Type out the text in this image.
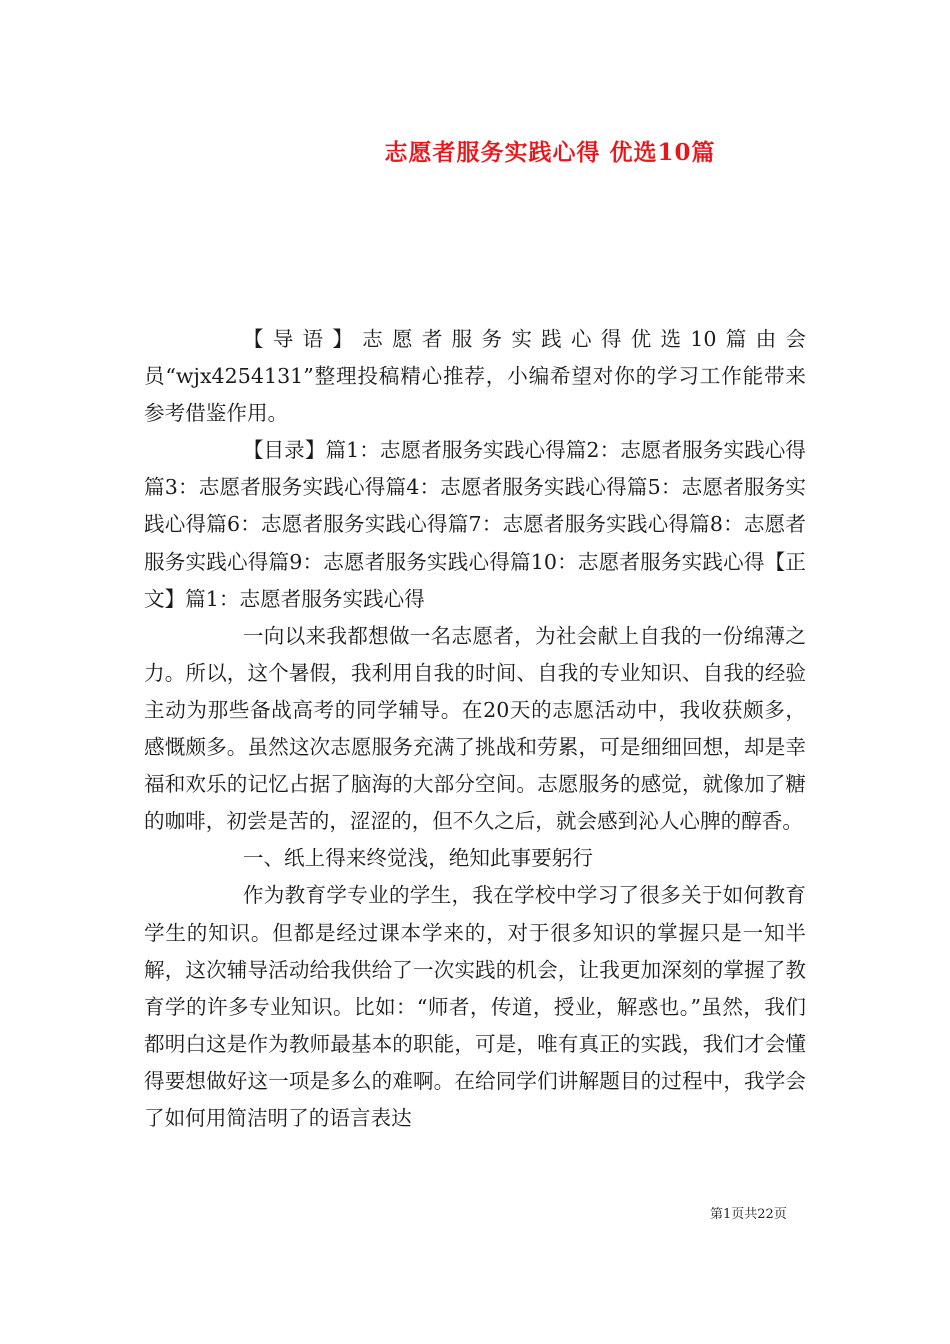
志愿者服务实践心得 优选10篇

【导语】志愿者服务实践心得优选10篇由会员“wjx4254131”整理投稿精心推荐，小编希望对你的学习工作能带来参考借鉴作用。

【目录】篇1：志愿者服务实践心得篇2：志愿者服务实践心得篇3：志愿者服务实践心得篇4：志愿者服务实践心得篇5：志愿者服务实践心得篇6：志愿者服务实践心得篇7：志愿者服务实践心得篇8：志愿者服务实践心得篇9：志愿者服务实践心得篇10：志愿者服务实践心得【正文】篇1：志愿者服务实践心得

一向以来我都想做一名志愿者，为社会献上自我的一份绵薄之力。所以，这个暑假，我利用自我的时间、自我的专业知识、自我的经验主动为那些备战高考的同学辅导。在20天的志愿活动中，我收获颇多，感慨颇多。虽然这次志愿服务充满了挑战和劳累，可是细细回想，却是幸福和欢乐的记忆占据了脑海的大部分空间。志愿服务的感觉，就像加了糖的咖啡，初尝是苦的，涩涩的，但不久之后，就会感到沁人心脾的醇香。

一、纸上得来终觉浅，绝知此事要躬行

作为教育学专业的学生，我在学校中学习了很多关于如何教育学生的知识。但都是经过课本学来的，对于很多知识的掌握只是一知半解，这次辅导活动给我供给了一次实践的机会，让我更加深刻的掌握了教育学的许多专业知识。比如：“师者，传道，授业，解惑也。”虽然，我们都明白这是作为教师最基本的职能，可是，唯有真正的实践，我们才会懂得要想做好这一项是多么的难啊。在给同学们讲解题目的过程中，我学会了如何用简洁明了的语言表达

第1页共22页
